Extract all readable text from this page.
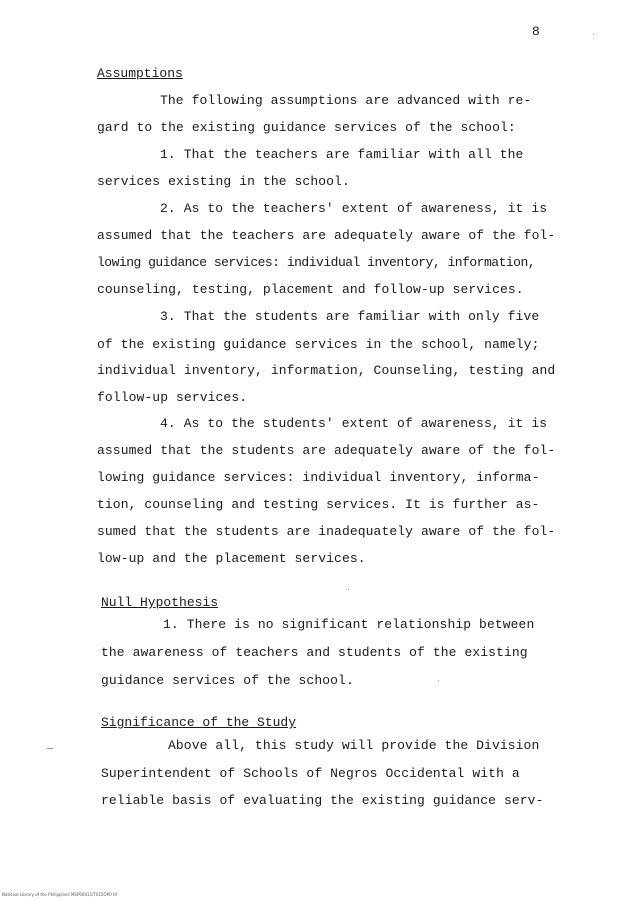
8
Assumptions
The following assumptions are advanced with re-
gard to the existing guidance services of the school:
1. That the teachers are familiar with all the
services existing in the school.
2. As to the teachers' extent of awareness, it is
assumed that the teachers are adequately aware of the fol-
lowing guidance services: individual inventory, information,
counseling, testing, placement and follow-up services.
3. That the students are familiar with only five
of the existing guidance services in the school, namely;
individual inventory, information, Counseling, testing and
follow-up services.
4. As to the students' extent of awareness, it is
assumed that the students are adequately aware of the fol-
lowing guidance services: individual inventory, informa-
tion, counseling and testing services. It is further as-
sumed that the students are inadequately aware of the fol-
low-up and the placement services.
Null Hypothesis
1. There is no significant relationship between
the awareness of teachers and students of the existing
guidance services of the school.
Significance of the Study
Above all, this study will provide the Division
Superintendent of Schools of Negros Occidental with a
reliable basis of evaluating the existing guidance serv-
National Library of the Philippines MSP00011/T015OP0 tif
